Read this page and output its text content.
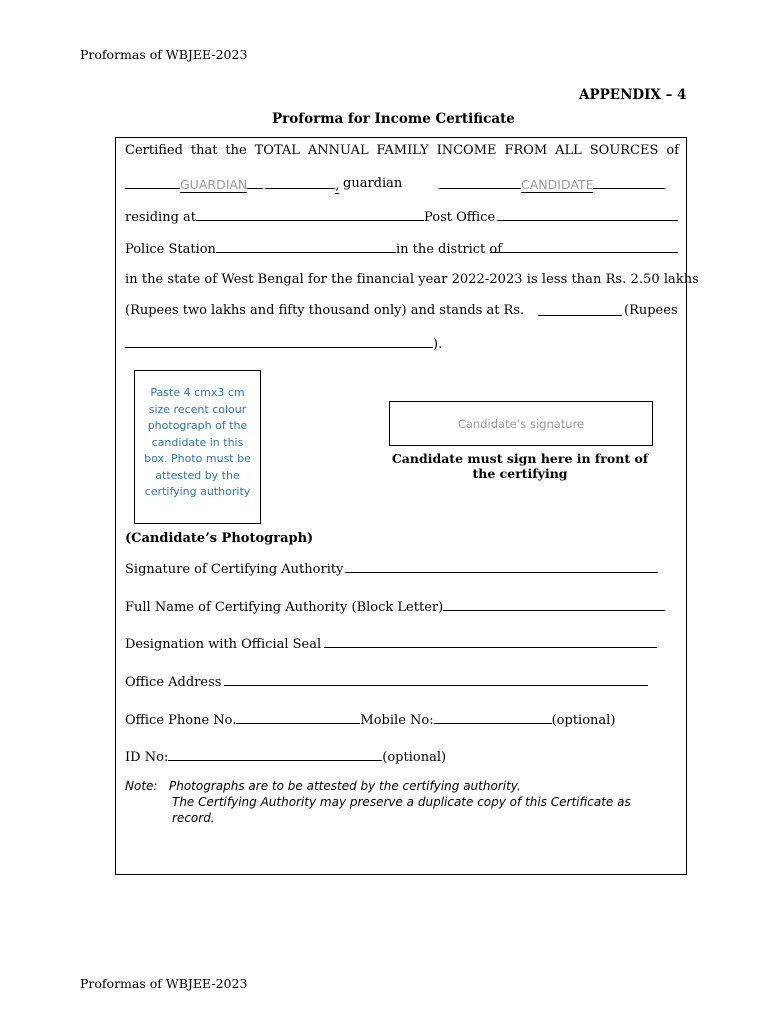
Proformas of WBJEE-2023
APPENDIX – 4
Proforma for Income Certificate
Certified that the TOTAL ANNUAL FAMILY INCOME FROM ALL SOURCES of
GUARDIAN	, guardian	CANDIDATE
residing at	Post Office
Police Station	in the district of
in the state of West Bengal for the financial year 2022-2023 is less than Rs. 2.50 lakhs
(Rupees two lakhs and fifty thousand only) and stands at Rs.	(Rupees
).
Paste 4 cmx3 cm size recent colour photograph of the candidate in this box. Photo must be attested by the certifying authority
Candidate’s signature
Candidate must sign here in front of the certifying
(Candidate’s Photograph)
Signature of Certifying Authority
Full Name of Certifying Authority (Block Letter)
Designation with Official Seal
Office Address
Office Phone No.	Mobile No:	(optional)
ID No:	(optional)
Note: Photographs are to be attested by the certifying authority.
The Certifying Authority may preserve a duplicate copy of this Certificate as
record.
Proformas of WBJEE-2023
